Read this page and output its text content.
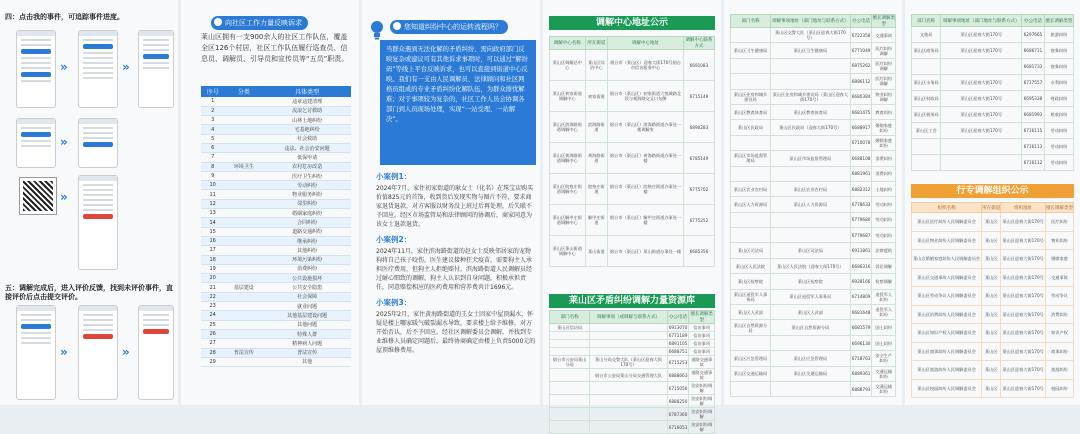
四：点击我的事件，可追踪事件进度。
»	»
»
»
五：调解完成后，进入评价反馈，找到未评价事件，直接评价后点击提交评价。
»	»
向社区工作力量反映诉求
莱山区拥有一支900余人的社区工作队伍，覆盖全区126个村居，社区工作队伍履行巡查员、信息员、调解员、引导员和宣传员等“五员”职责。
序号	分类	具体类型
1		违章违建清理
2		流浪乞讨救助
3		山林土地纠纷
4		宅基地纠纷
5		社会救助
6		违法、社会治安问题
7		低保申请
8	环境卫生	农村危房改造
9		医疗卫生纠纷
10		劳动纠纷
11		物业服务纠纷
12		邻里纠纷
13		婚姻家庭纠纷
14		合同纠纷
15		道路交通纠纷
16		继承纠纷
17		其他纠纷
18		环境污染纠纷
19		消费纠纷
20		公共设施损坏
21	基层建设	公共安全隐患
22		社会保障
23		就业问题
24		其他基层建设问题
25		其他问题
26		特殊人群
27		精神病人问题
28	普法宣传	普法宣传
29		其他
您知道纠纷中心的运转流程吗？
当群众遇到无法化解的矛盾纠纷、需向政府部门反映复杂或建议可有其他诉求事项时，可以通过“解纷码”等线上平台反映诉求，也可以直接到街道中心反映。我们有一支由人民调解员、法律顾问和社区网格员组成的专业矛盾纠纷化解队伍，为群众排忧解难；对于事项较为复杂的，社区工作人员会协调各部门到人员现场处理，实现“一站受理、一站解决”。
小案例1：
2024年7月，家住初家街道的耿女士（化名）在珠宝店购买价值825元的首饰，收到货后发现实物与图片不符，要求商家退货退款，对方客服以财务没上班过后再处理，后失联不予回应。经区市场监管局和法律顾问的协调后，商家同意为该女士退款退货。
小案例2：
2024年11月，家住滨海路街道的赵女士反映邻居家的宠物狗将自己孩子咬伤，医生建议接种狂犬疫苗，需要狗主人承担医疗费用，但狗主人拒绝赔付。滨海路街道人民调解员经过耐心细致的调解，狗主人认识到自身问题，积极承担责任，同意赔偿相应的医药费用和营养费共计1696元。
小案例3：
2025年2月，家住黄海路街道的王女士因家中屋顶漏水，怀疑是楼上哪家暖气破裂漏水导致，要求楼上给予维修，对方开始否认，后不予回应。经社区调解委员会调解，并找到专业维修人员确定问题后，最终协商确定由楼上负责5000元的屋顶维修费用。
调解中心地址公示
调解中心名称	所在街道	调解中心地址	调解中心联系方式
莱山区调解总中心	莱山区综治中心	烟台市（莱山区）迎春大街170号烟台市信访服务中心	6691083
莱山区初家街道调解中心	初家街道	烟台市（莱山区）初家街道大悦城路北段与观海路交叉口东侧	6715149
莱山区滨海路街道调解中心	滨海路街道	烟台市（莱山区）滨海路街道办事处一楼调解室	6890283
莱山区黄海路街道调解中心	黄海路街道	烟台市（莱山区）黄海路街道办事处一楼	6785149
莱山区院格庄街道调解中心	院格庄街道	烟台市（莱山区）院格庄街道办事处一楼	6775702
莱山区解甲庄街道调解中心	解甲庄街道	烟台市（莱山区）解甲庄街道办事处一楼	6775252
莱山区莱山街道调解中心	莱山街道	烟台市（莱山区）莱山街道办事处一楼	6685356
莱山区矛盾纠纷调解力量资源库
部门名称	调解事项（或调解与联系方式）	办公电话	擅长调解类型
莱山区信访局		6913070	信访事项
		6771189	信访事项
		6891105	信访事项
		6688751	信访事项
烟台市公安局莱山分局	莱山分局交警大队（莱山区迎春大街170号）	6715253	道路交通事故
	烟台市公安局莱山分局交通管理大队	6888663	道路交通事故
		6715050	治安纠纷调解
		6888250	治安纠纷调解
		6787360	治安纠纷调解
		6716053	治安纠纷调解
部门名称	调解事项地址（部门地址与联系方式）	办公电话	擅长调解类型
	莱山区交警大队（莱山区迎春大街170号）	6722358	交通事故
莱山区卫生健康局	莱山区卫生健康局	6771049	医疗纠纷调解
		6875262	医疗纠纷调解
		6886112	医疗纠纷调解
莱山区住房和城乡建设局	莱山区住房和城乡建设局（莱山区迎春大街170号）	6680384	物业纠纷调解
莱山区教育体育局	莱山区教育体育局	6681475	教育纠纷
莱山区民政局	莱山区民政局（迎春大街170号）	6688917	婚姻家庭纠纷
		6710078	婚姻家庭纠纷
莱山区市场监督管理局	莱山区市场监督管理局	6688108	消费纠纷
		6881961	消费纠纷
莱山区农业农村局	莱山区农业农村局	6882312	土地纠纷
莱山区人力资源局	莱山区人力资源局	6778633	劳动纠纷
		6779680	劳动纠纷
		6779687	劳动纠纷
莱山区司法局	莱山区司法局	6911861	法律援助
莱山区人民法院	莱山区人民法院（迎春大街170号）	6686316	诉讼调解
莱山区检察院	莱山区检察院	6928166	检察调解
莱山区退役军人事务局	莱山区退役军人事务局	6714809	退役军人纠纷
莱山区人武部	莱山区人武部	6681648	退役军人纠纷
莱山区自然资源分局	莱山区自然资源分局	6681579	国土纠纷
		6696130	国土纠纷
莱山区应急管理局	莱山区应急管理局	6718763	安全生产纠纷
莱山区交通运输局	莱山区交通运输局	6889361	交通运输纠纷
		6888793	交通运输纠纷
部门名称	调解事项地址（部门地址与联系方式）	办公电话	擅长调解类型
文旅局	莱山区迎春大街170号	6297665	旅游纠纷
莱山区商务局	莱山区迎春大街170号	6686711	商务纠纷
		6681733	商务纠纷
莱山区水务局	莱山区迎春大街170号	6717557	水利纠纷
莱山区财政局	莱山区迎春大街170号	6695338	财政纠纷
莱山区税务局	莱山区迎春大街170号	6681993	税收纠纷
莱山区工会	莱山区迎春大街170号	6716115	劳动纠纷
		6716113	劳动纠纷
		6716112	劳动纠纷
行专调解组织公示
组织名称	所在街道	组织地址	擅长调解类型
莱山区医疗纠纷人民调解委员会	莱山区	莱山区迎春大街170号	医疗纠纷
莱山区物业纠纷人民调解委员会	莱山区	莱山区迎春大街170号	物业纠纷
莱山区婚姻家庭纠纷人民调解委员会	莱山区	莱山区迎春大街170号	婚姻家庭
莱山区交通事故人民调解委员会	莱山区	莱山区迎春大街170号	交通事故
莱山区劳动争议人民调解委员会	莱山区	莱山区迎春大街170号	劳动争议
莱山区消费纠纷人民调解委员会	莱山区	莱山区迎春大街170号	消费纠纷
莱山区知识产权人民调解委员会	莱山区	莱山区迎春大街170号	知识产权
莱山区商事纠纷人民调解委员会	莱山区	莱山区迎春大街170号	商事纠纷
莱山区旅游纠纷人民调解委员会	莱山区	莱山区迎春大街170号	旅游纠纷
莱山区校园纠纷人民调解委员会	莱山区	莱山区迎春大街170号	校园纠纷
